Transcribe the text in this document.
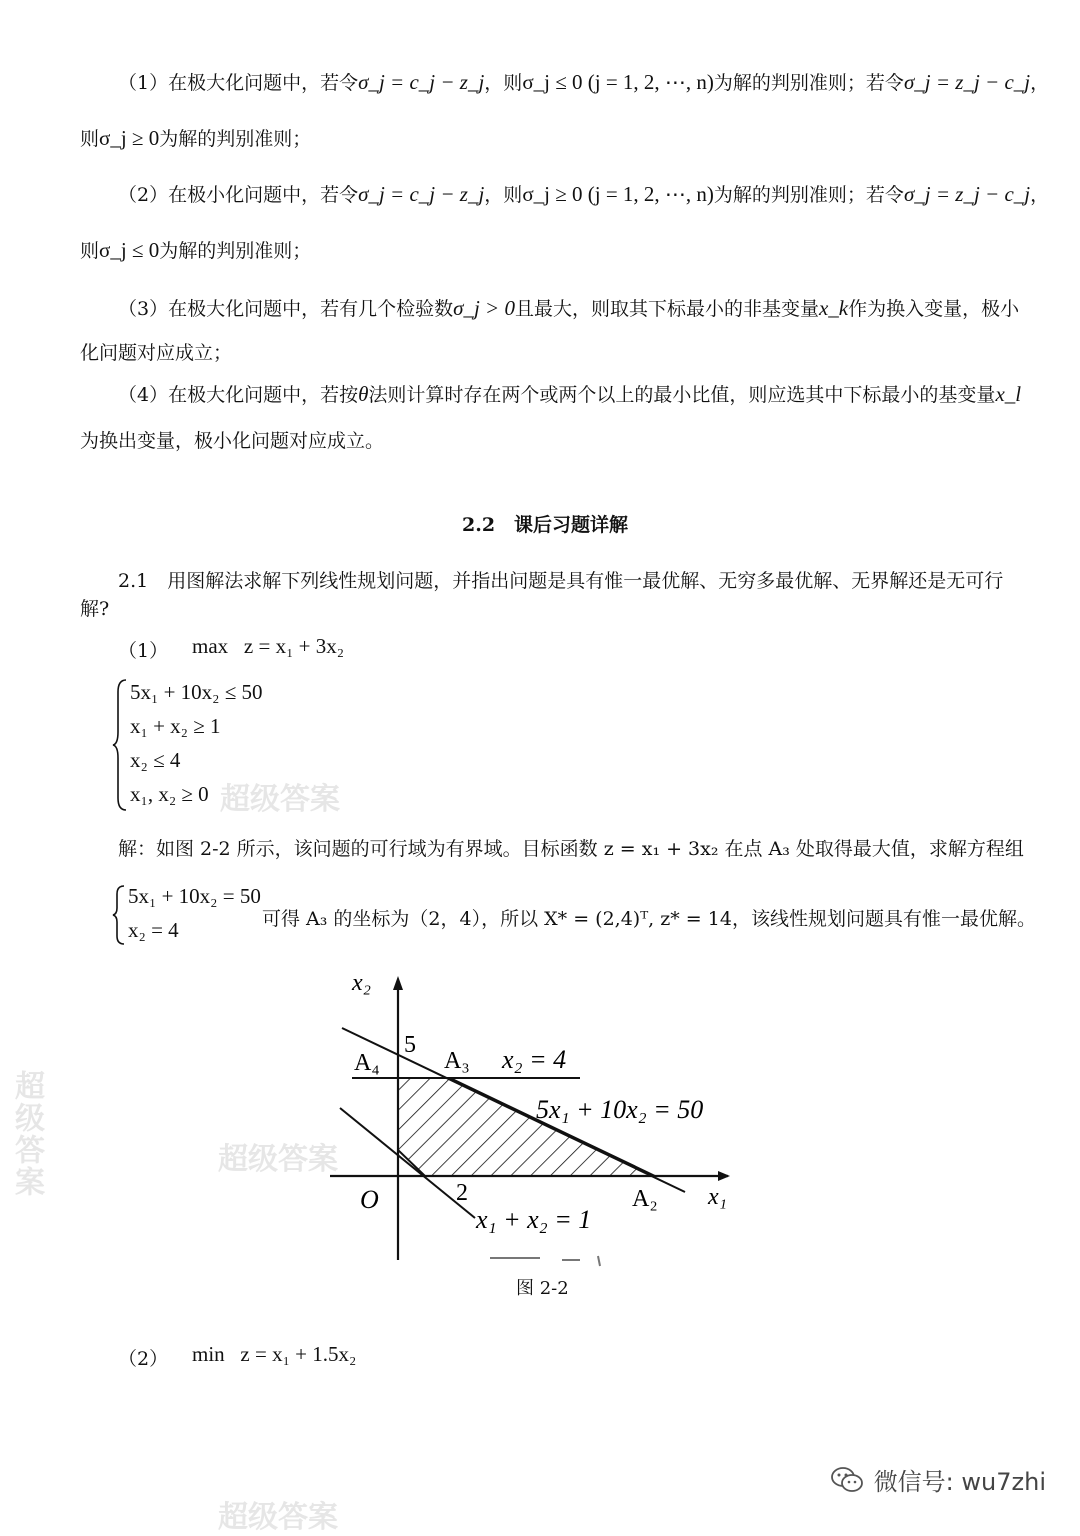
（1）在极大化问题中，若令σ_j = c_j − z_j，则σ_j ≤ 0 (j = 1, 2, ⋯, n)为解的判别准则；若令σ_j = z_j − c_j，
则σ_j ≥ 0为解的判别准则；
（2）在极小化问题中，若令σ_j = c_j − z_j，则σ_j ≥ 0 (j = 1, 2, ⋯, n)为解的判别准则；若令σ_j = z_j − c_j，
则σ_j ≤ 0为解的判别准则；
（3）在极大化问题中，若有几个检验数σ_j > 0且最大，则取其下标最小的非基变量x_k作为换入变量，极小
化问题对应成立；
（4）在极大化问题中，若按θ法则计算时存在两个或两个以上的最小比值，则应选其中下标最小的基变量x_l
为换出变量，极小化问题对应成立。
2.2　课后习题详解
2.1　用图解法求解下列线性规划问题，并指出问题是具有惟一最优解、无穷多最优解、无界解还是无可行
解?
（1） max   z = x₁ + 3x₂
5x₁ + 10x₂ ≤ 50
x₁ + x₂ ≥ 1
x₂ ≤ 4
x₁, x₂ ≥ 0
解：如图 2-2 所示，该问题的可行域为有界域。目标函数 z = x₁ + 3x₂ 在点 A₃ 处取得最大值，求解方程组
5x₁ + 10x₂ = 50
x₂ = 4	可得 A₃ 的坐标为（2，4），所以 X* = (2,4)ᵀ, z* = 14，该线性规划问题具有惟一最优解。
x₂
x₁
O
5
2
A₄	A₃
A₂
x₂ = 4
5x₁ + 10x₂ = 50
x₁ + x₂ = 1
图 2-2
（2） min   z = x₁ + 1.5x₂
超级答案
超级答案
超级答案
超级答案
微信号: wu7zhi
